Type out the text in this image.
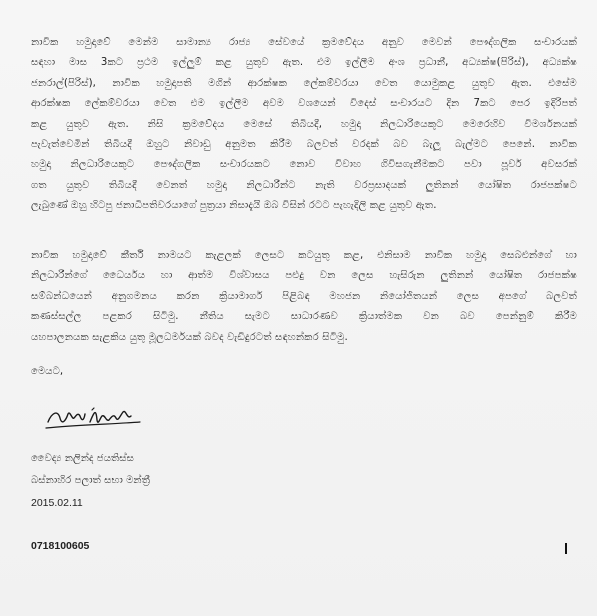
නාවික හමුදාවේ මෙන්ම සාමාන්‍ය රාජ්‍ය සේවයේ ක්‍රමවේදය අනුව මෙවන් පෞද්ගලික සංචාරයක්
සඳහා මාස 3කට ප්‍රථම ඉල්ලුම් කළ යුතුව ඇත. එම ඉල්ලීම අංශ ප්‍රධානී, අධ්‍යක්ෂ(පිරිස්), අධ්‍යක්ෂ
ජනරාල්(පිරිස්), නාවික හමුදාපති මගින් ආරක්ෂක ලේකම්වරයා වෙත යොමුකළ යුතුව ඇත. එසේම
ආරක්ෂක ලේකම්වරයා වෙත එම ඉල්ලීම අවම වශයෙන් විදෙස් සංචාරයට දින 7කට පෙර ඉදිරිපත්
කළ යුතුව ඇත. නිසි ක්‍රමවේදය මෙසේ තිබියදී, හමුදා නිලධාරියෙකුට මෙරෙහිව විමර්ශනයක්
පැවැත්වෙමින් තිබියදී ඔහුට නිවාඩු අනුමත කිරීම බලවත් වරදක් බව බැලූ බැල්මට පෙනේ. නාවික
හමුදා නිලධාරියෙකුට පෞද්ගලික සංචාරයකට නොව විවාහ ගිවිසගැනීමකට පවා පූර්ව අවසරක්
ගත යුතුව තිබියදී වෙනත් හමුදා නිලධාරීන්ට නැති වරප්‍රසාදයක් ලුතිනන් යෝෂිත රාජපක්ෂට
ලැබුණේ ඔහු හිටපු ජනාධිපතිවරයාගේ පුත්‍රයා නිසාදැයි ඔබ විසින් රටට පැහැදිලි කළ යුතුව ඇත.
නාවික හමුදාවේ කීර්ති නාමයට කැළලක් ලෙසට කටයුතු කළ, එනිසාම නාවික හමුදා සෙබළුන්ගේ හා
නිලධාරීන්ගේ ධෛර්යය හා ආත්ම විශ්වාසය පළුදු වන ලෙස හැසිරුන ලුතිනන් යෝෂිත රාජපක්ෂ
සම්බන්ධයෙන් අනුගමනය කරන ක්‍රියාමාර්ග පිළිබඳ මහජන නියෝජිතයන් ලෙස අපගේ බලවත්
කණස්සල්ල පළකර සිටිමු. නීතිය සැමට සාධාරණව ක්‍රියාත්මක වන බව පෙන්නුම් කිරීම
යහපාලනයක සැළකිය යුතු මූලධර්මයක් බවද වැඩිදුරටත් සඳහන්කර සිටිමු.
මෙයට,
වෛද්‍ය නලින්ද ජයතිස්ස
බස්නාහිර පලාත් සභා මන්ත්‍රී
2015.02.11
0718100605
